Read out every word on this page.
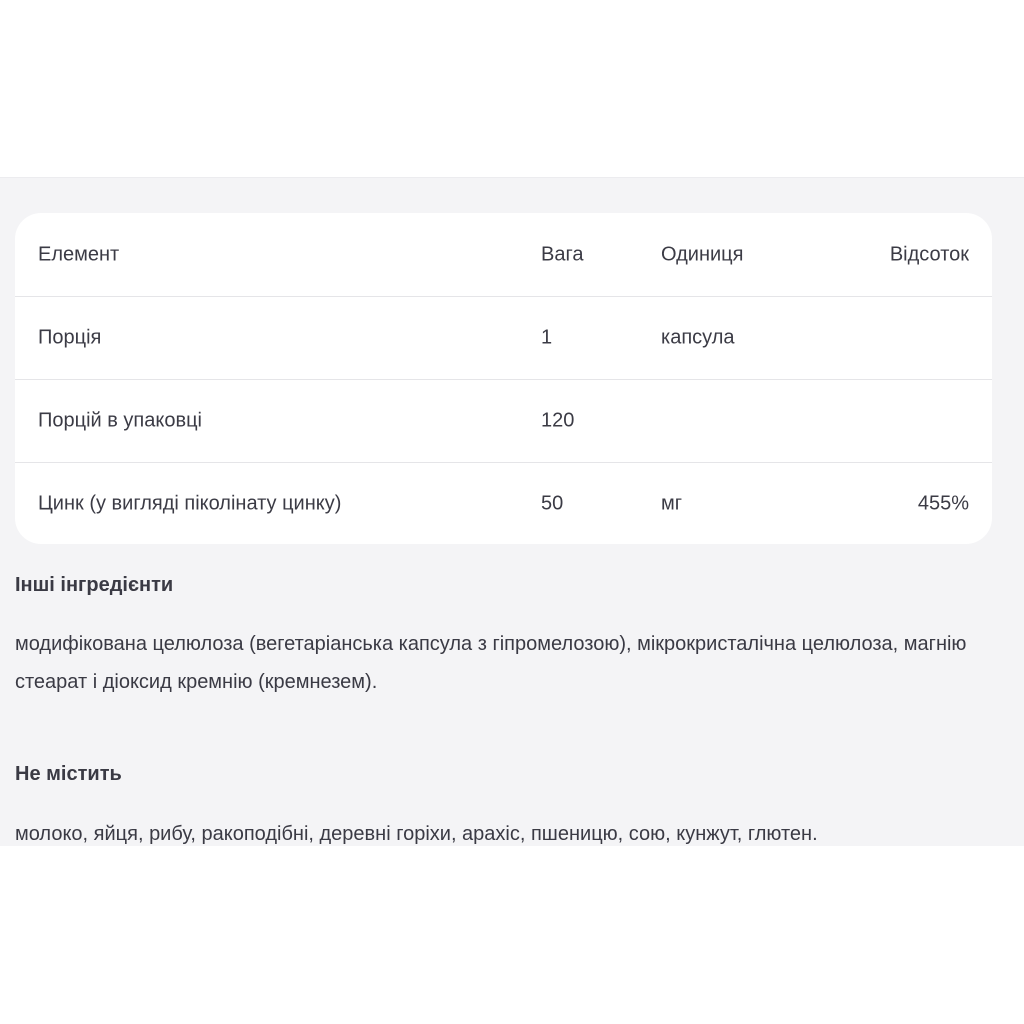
Елемент	Вага	Одиниця	Відсоток
Порція	1	капсула
Порцій в упаковці	120
Цинк (у вигляді піколінату цинку)	50	мг	455%
Інші інгредієнти
модифікована целюлоза (вегетаріанська капсула з гіпромелозою), мікрокристалічна целюлоза, магнію стеарат і діоксид кремнію (кремнезем).
Не містить
молоко, яйця, рибу, ракоподібні, деревні горіхи, арахіс, пшеницю, сою, кунжут, глютен.
